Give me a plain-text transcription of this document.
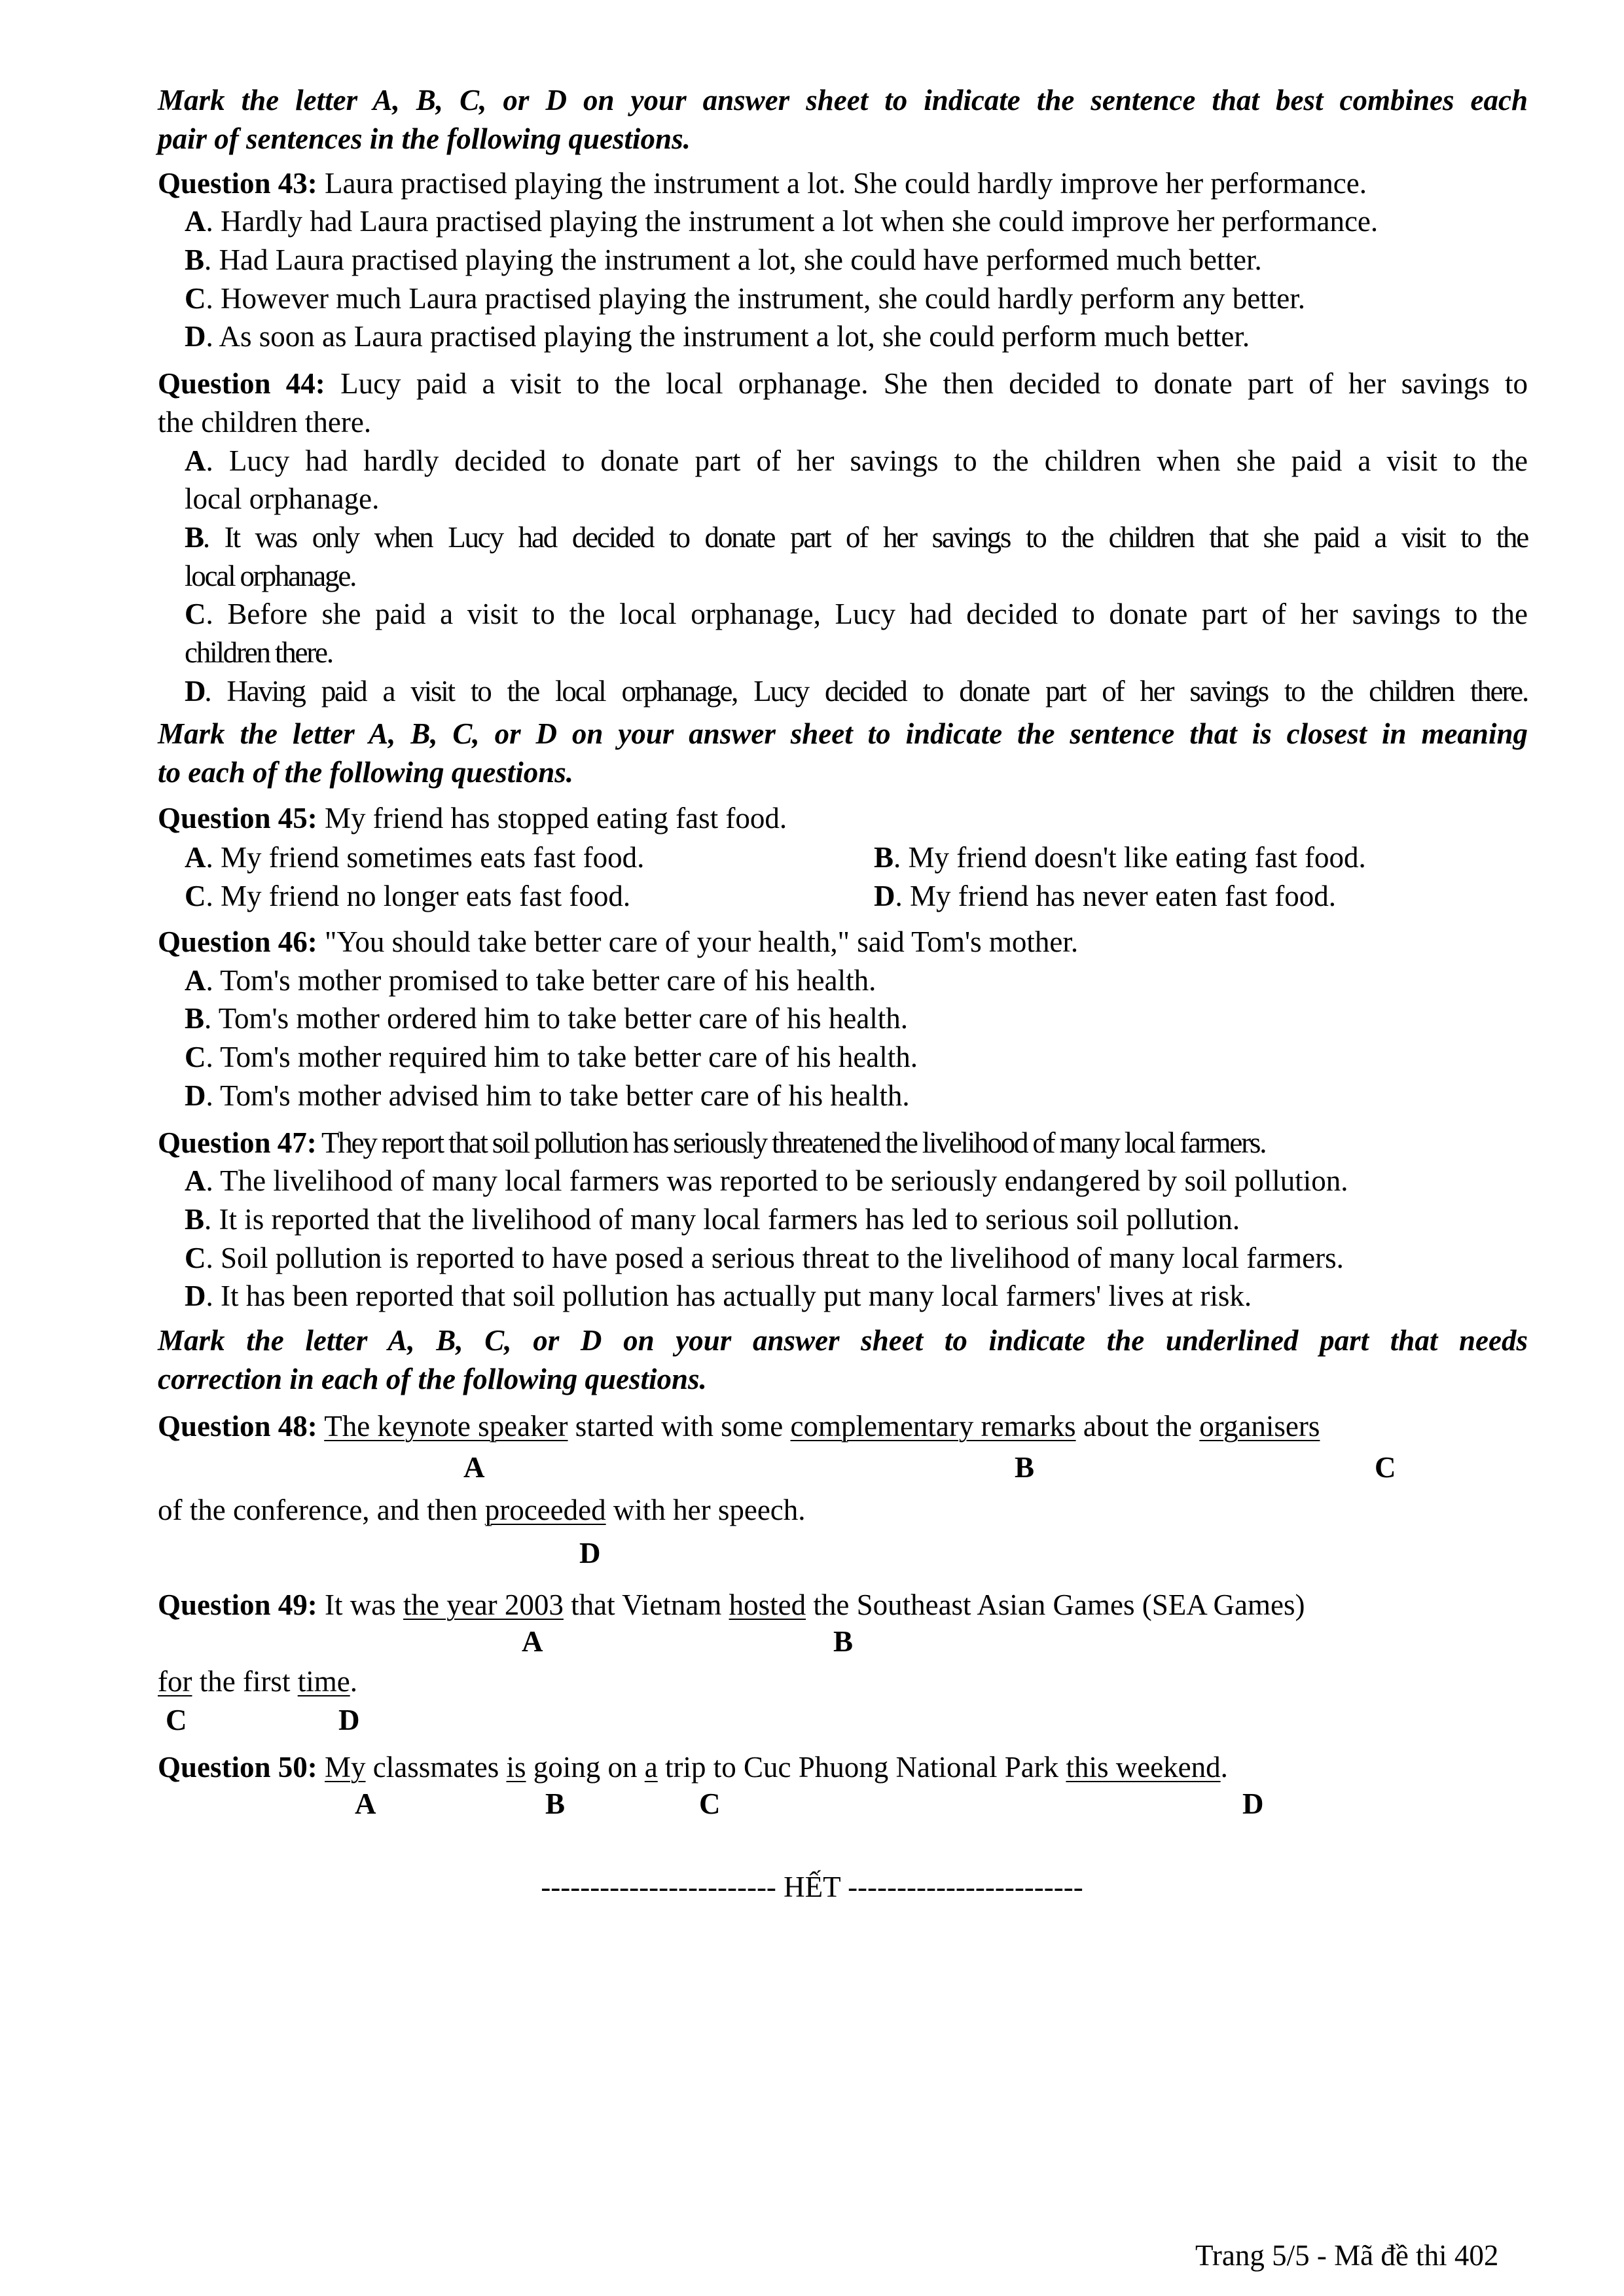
Mark the letter A, B, C, or D on your answer sheet to indicate the sentence that best combines each
pair of sentences in the following questions.
Question 43: Laura practised playing the instrument a lot. She could hardly improve her performance.
A. Hardly had Laura practised playing the instrument a lot when she could improve her performance.
B. Had Laura practised playing the instrument a lot, she could have performed much better.
C. However much Laura practised playing the instrument, she could hardly perform any better.
D. As soon as Laura practised playing the instrument a lot, she could perform much better.
Question 44: Lucy paid a visit to the local orphanage. She then decided to donate part of her savings to
the children there.
A. Lucy had hardly decided to donate part of her savings to the children when she paid a visit to the
local orphanage.
B. It was only when Lucy had decided to donate part of her savings to the children that she paid a visit to the
local orphanage.
C. Before she paid a visit to the local orphanage, Lucy had decided to donate part of her savings to the
children there.
D. Having paid a visit to the local orphanage, Lucy decided to donate part of her savings to the children there.
Mark the letter A, B, C, or D on your answer sheet to indicate the sentence that is closest in meaning
to each of the following questions.
Question 45: My friend has stopped eating fast food.
A. My friend sometimes eats fast food.	B. My friend doesn't like eating fast food.
C. My friend no longer eats fast food.	D. My friend has never eaten fast food.
Question 46: "You should take better care of your health," said Tom's mother.
A. Tom's mother promised to take better care of his health.
B. Tom's mother ordered him to take better care of his health.
C. Tom's mother required him to take better care of his health.
D. Tom's mother advised him to take better care of his health.
Question 47: They report that soil pollution has seriously threatened the livelihood of many local farmers.
A. The livelihood of many local farmers was reported to be seriously endangered by soil pollution.
B. It is reported that the livelihood of many local farmers has led to serious soil pollution.
C. Soil pollution is reported to have posed a serious threat to the livelihood of many local farmers.
D. It has been reported that soil pollution has actually put many local farmers' lives at risk.
Mark the letter A, B, C, or D on your answer sheet to indicate the underlined part that needs
correction in each of the following questions.
Question 48: The keynote speaker started with some complementary remarks about the organisers
A	B	C
of the conference, and then proceeded with her speech.
D
Question 49: It was the year 2003 that Vietnam hosted the Southeast Asian Games (SEA Games)
A	B
for the first time.
C	D
Question 50: My classmates is going on a trip to Cuc Phuong National Park this weekend.
A	B	C	D
------------------------ HẾT ------------------------
Trang 5/5 - Mã đề thi 402
